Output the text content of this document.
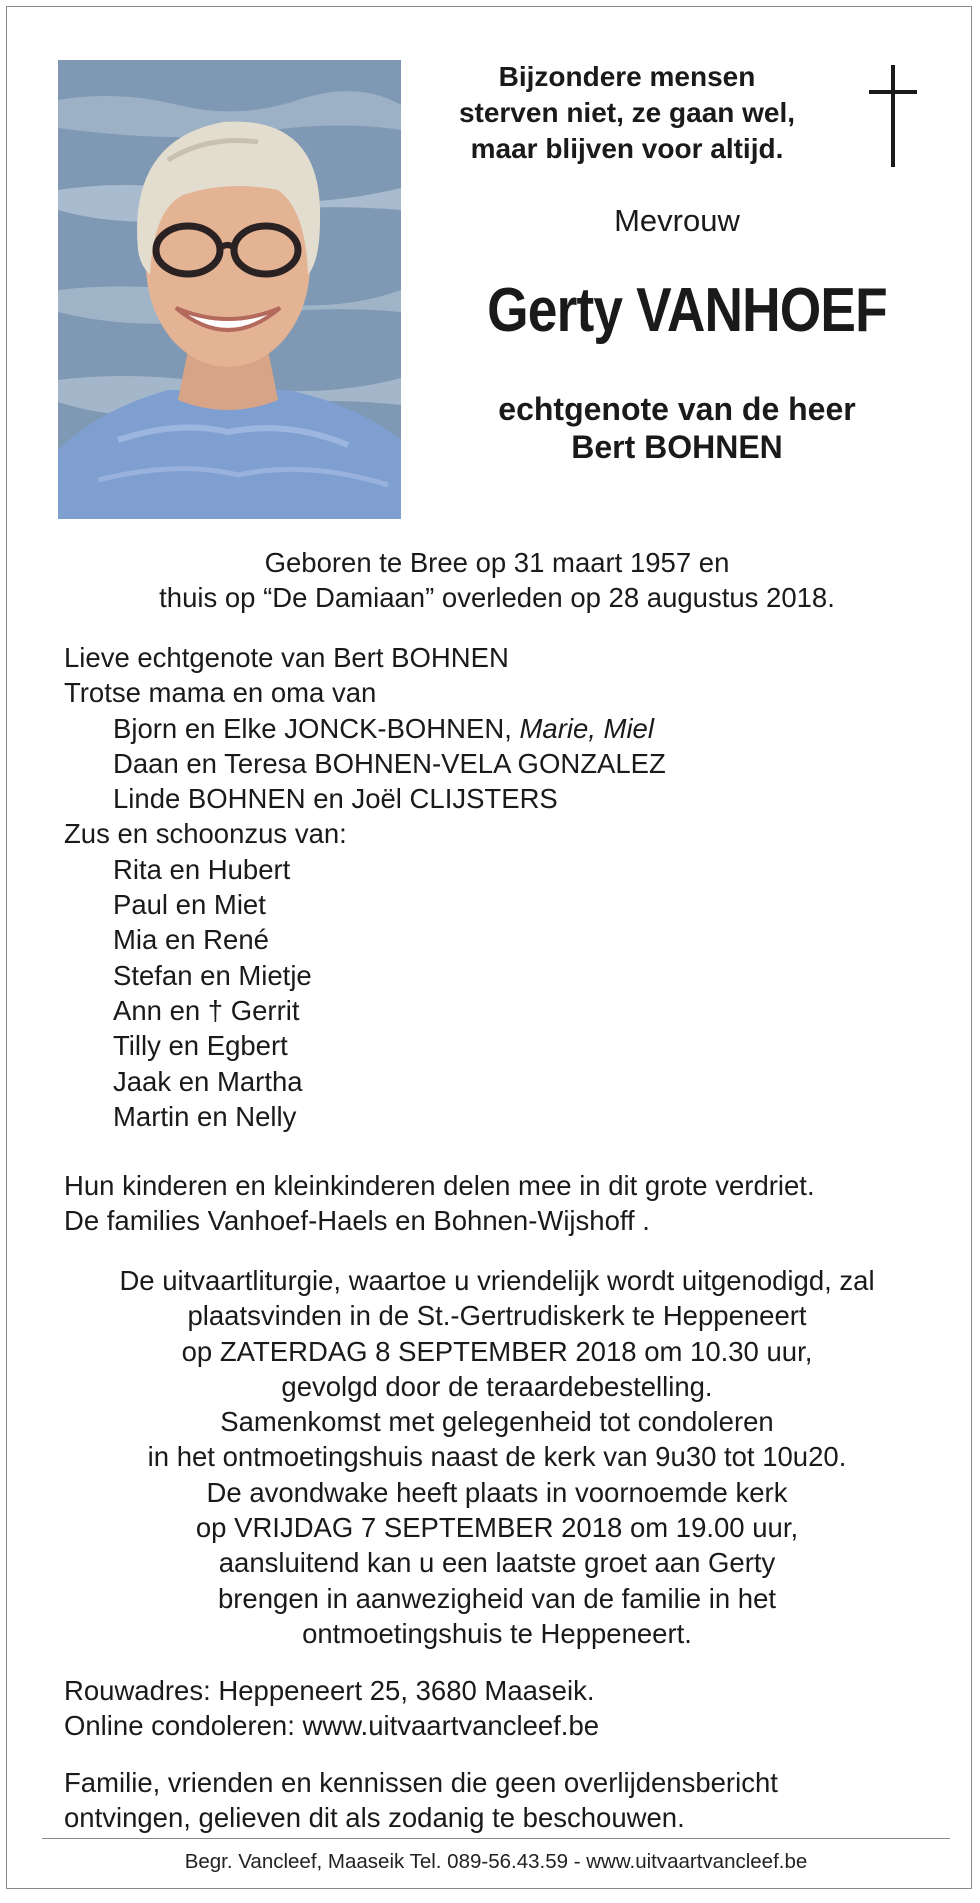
Bijzondere mensen
sterven niet, ze gaan wel,
maar blijven voor altijd.
Mevrouw
Gerty VANHOEF
echtgenote van de heer
Bert BOHNEN
Geboren te Bree op 31 maart 1957 en
thuis op “De Damiaan” overleden op 28 augustus 2018.
Lieve echtgenote van Bert BOHNEN
Trotse mama en oma van
Bjorn en Elke JONCK-BOHNEN, Marie, Miel
Daan en Teresa BOHNEN-VELA GONZALEZ
Linde BOHNEN en Joël CLIJSTERS
Zus en schoonzus van:
Rita en Hubert
Paul en Miet
Mia en René
Stefan en Mietje
Ann en † Gerrit
Tilly en Egbert
Jaak en Martha
Martin en Nelly
Hun kinderen en kleinkinderen delen mee in dit grote verdriet.
De families Vanhoef-Haels en Bohnen-Wijshoff .
De uitvaartliturgie, waartoe u vriendelijk wordt uitgenodigd, zal
plaatsvinden in de St.-Gertrudiskerk te Heppeneert
op ZATERDAG 8 SEPTEMBER 2018 om 10.30 uur,
gevolgd door de teraardebestelling.
Samenkomst met gelegenheid tot condoleren
in het ontmoetingshuis naast de kerk van 9u30 tot 10u20.
De avondwake heeft plaats in voornoemde kerk
op VRIJDAG 7 SEPTEMBER 2018 om 19.00 uur,
aansluitend kan u een laatste groet aan Gerty
brengen in aanwezigheid van de familie in het
ontmoetingshuis te Heppeneert.
Rouwadres: Heppeneert 25, 3680 Maaseik.
Online condoleren: www.uitvaartvancleef.be
Familie, vrienden en kennissen die geen overlijdensbericht
ontvingen, gelieven dit als zodanig te beschouwen.
Begr. Vancleef, Maaseik Tel. 089-56.43.59 - www.uitvaartvancleef.be
